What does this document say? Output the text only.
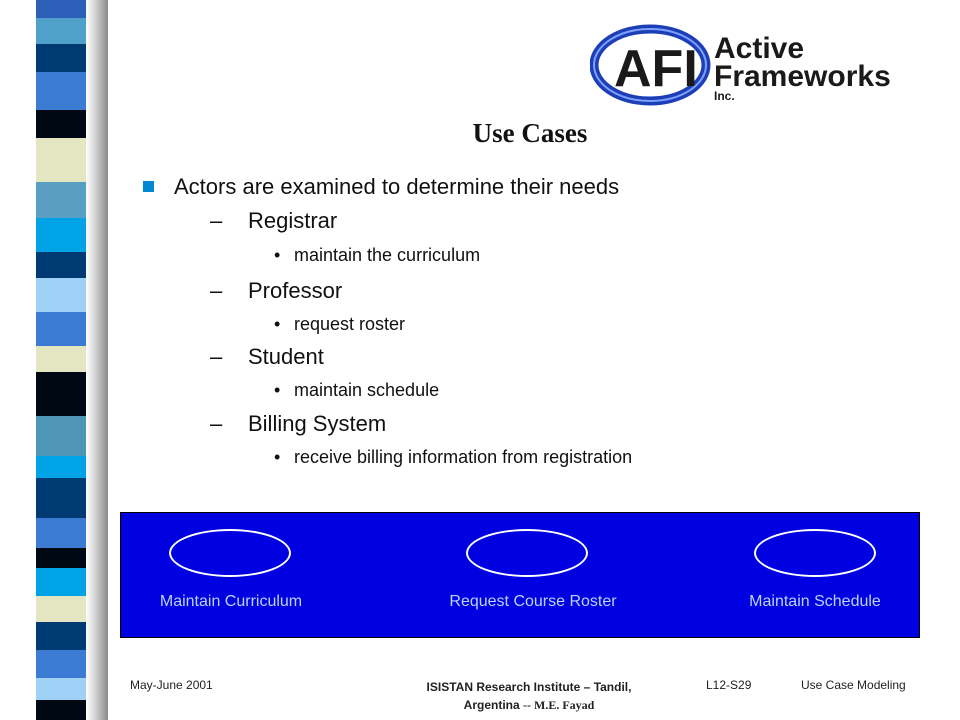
AFI Active
Frameworks
Inc.
Use Cases
Actors are examined to determine their needs
– Registrar
• maintain the curriculum
– Professor
• request roster
– Student
• maintain schedule
– Billing System
• receive billing information from registration
Maintain Curriculum	Request Course Roster	Maintain Schedule
May-June 2001	ISISTAN Research Institute – Tandil,
Argentina -- M.E. Fayad
L12-S29	Use Case Modeling
